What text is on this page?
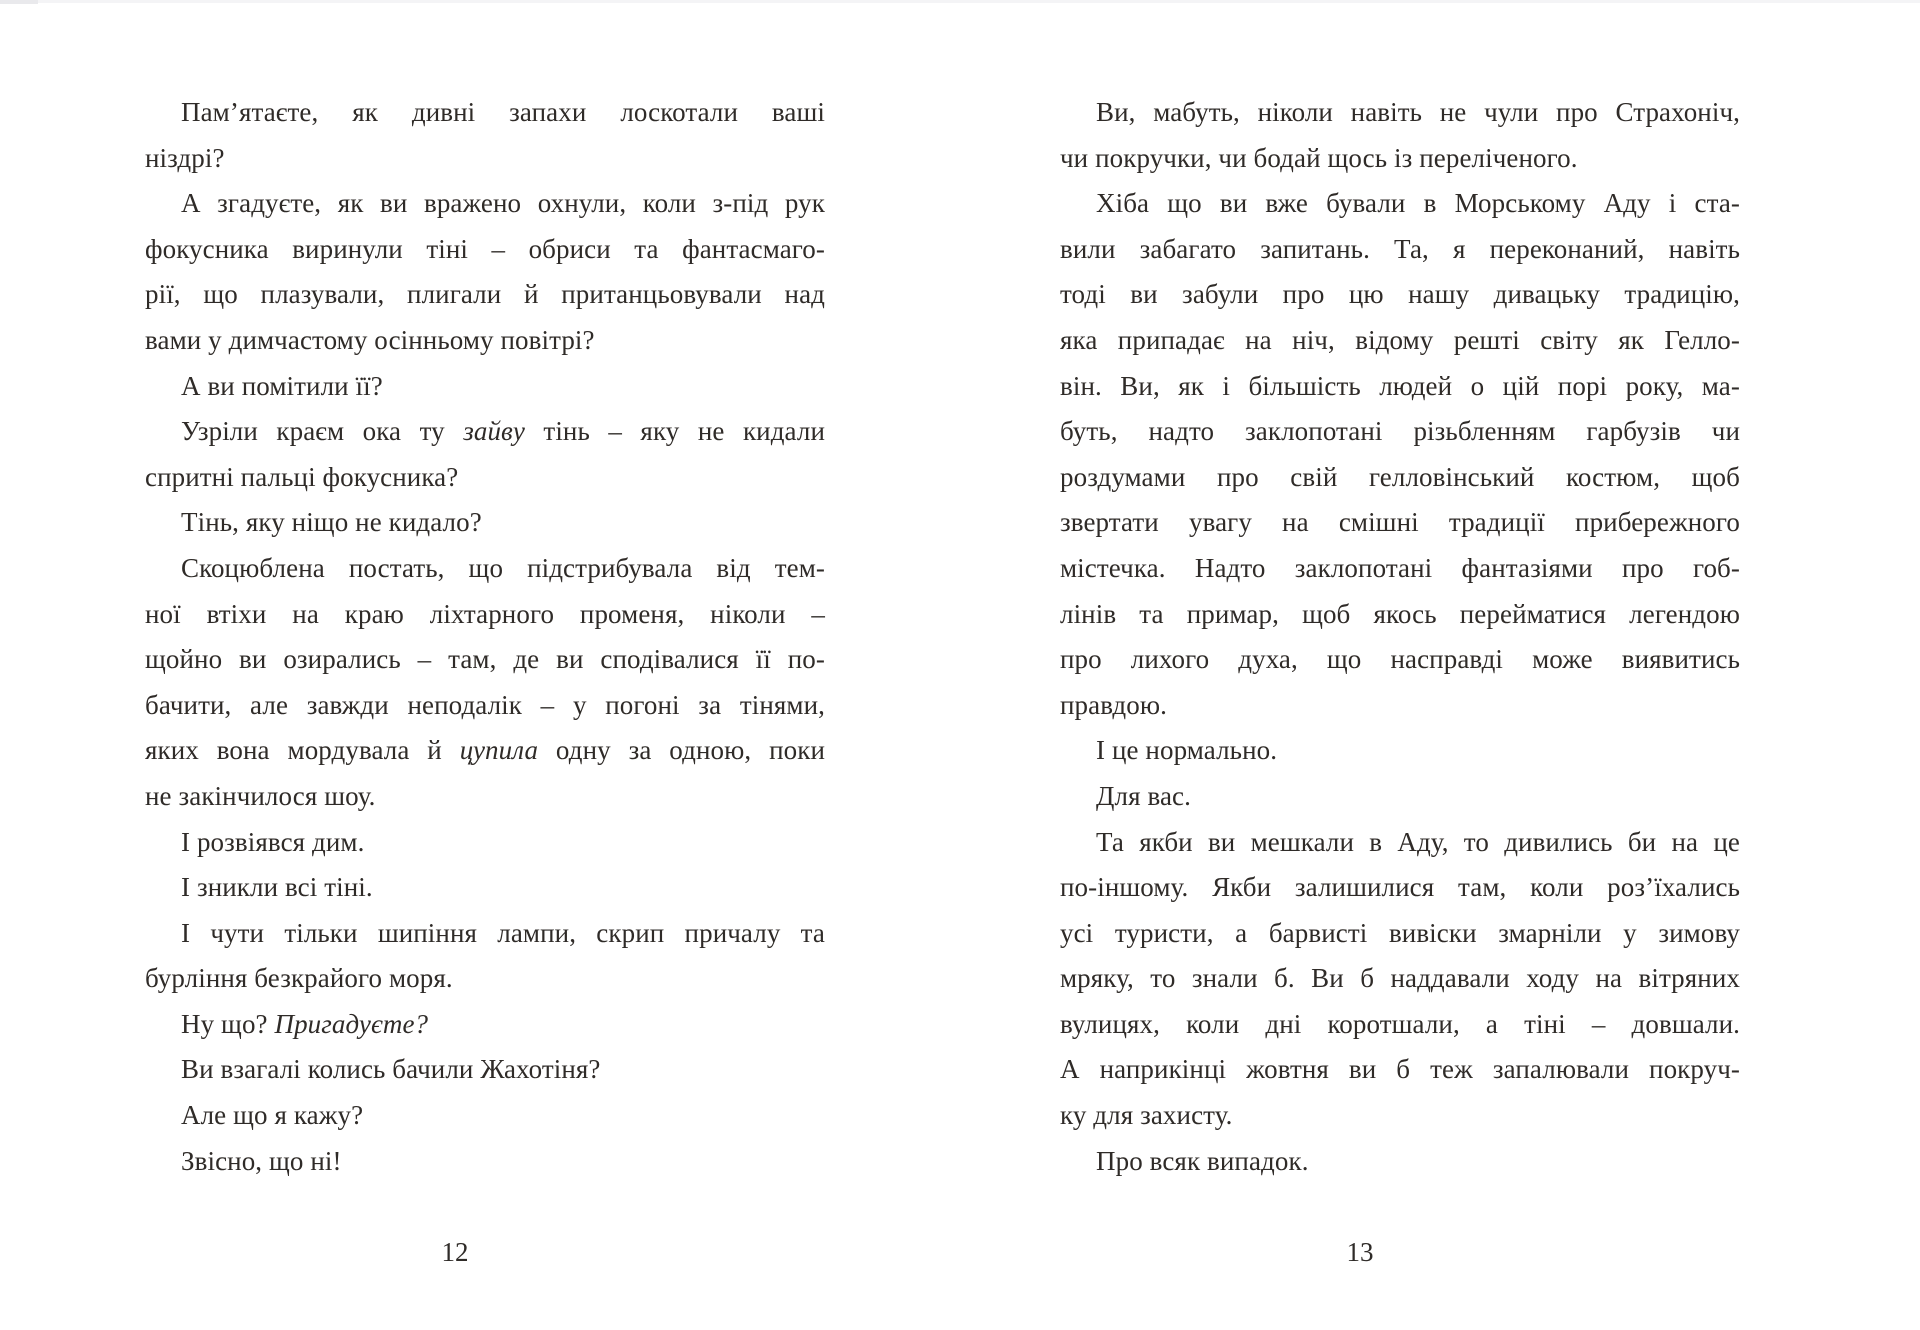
Пам’ятаєте, як дивні запахи лоскотали ваші
ніздрі?
А згадуєте, як ви вражено охнули, коли з-під рук
фокусника виринули тіні – обриси та фантасмаго-
рії, що плазували, плигали й пританцьовували над
вами у димчастому осінньому повітрі?
А ви помітили її?
Узріли краєм ока ту зайву тінь – яку не кидали
спритні пальці фокусника?
Тінь, яку ніщо не кидало?
Скоцюблена постать, що підстрибувала від тем-
ної втіхи на краю ліхтарного променя, ніколи –
щойно ви озирались – там, де ви сподівалися її по-
бачити, але завжди неподалік – у погоні за тінями,
яких вона мордувала й цупила одну за одною, поки
не закінчилося шоу.
І розвіявся дим.
І зникли всі тіні.
І чути тільки шипіння лампи, скрип причалу та
бурління безкрайого моря.
Ну що? Пригадуєте?
Ви взагалі колись бачили Жахотіня?
Але що я кажу?
Звісно, що ні!
12
Ви, мабуть, ніколи навіть не чули про Страхоніч,
чи покручки, чи бодай щось із переліченого.
Хіба що ви вже бували в Морському Аду і ста-
вили забагато запитань. Та, я переконаний, навіть
тоді ви забули про цю нашу дивацьку традицію,
яка припадає на ніч, відому решті світу як Гелло-
він. Ви, як і більшість людей о цій порі року, ма-
буть, надто заклопотані різьбленням гарбузів чи
роздумами про свій гелловінський костюм, щоб
звертати увагу на смішні традиції прибережного
містечка. Надто заклопотані фантазіями про гоб-
лінів та примар, щоб якось перейматися легендою
про лихого духа, що насправді може виявитись
правдою.
І це нормально.
Для вас.
Та якби ви мешкали в Аду, то дивились би на це
по-іншому. Якби залишилися там, коли роз’їхались
усі туристи, а барвисті вивіски змарніли у зимову
мряку, то знали б. Ви б наддавали ходу на вітряних
вулицях, коли дні коротшали, а тіні – довшали.
А наприкінці жовтня ви б теж запалювали покруч-
ку для захисту.
Про всяк випадок.
13
